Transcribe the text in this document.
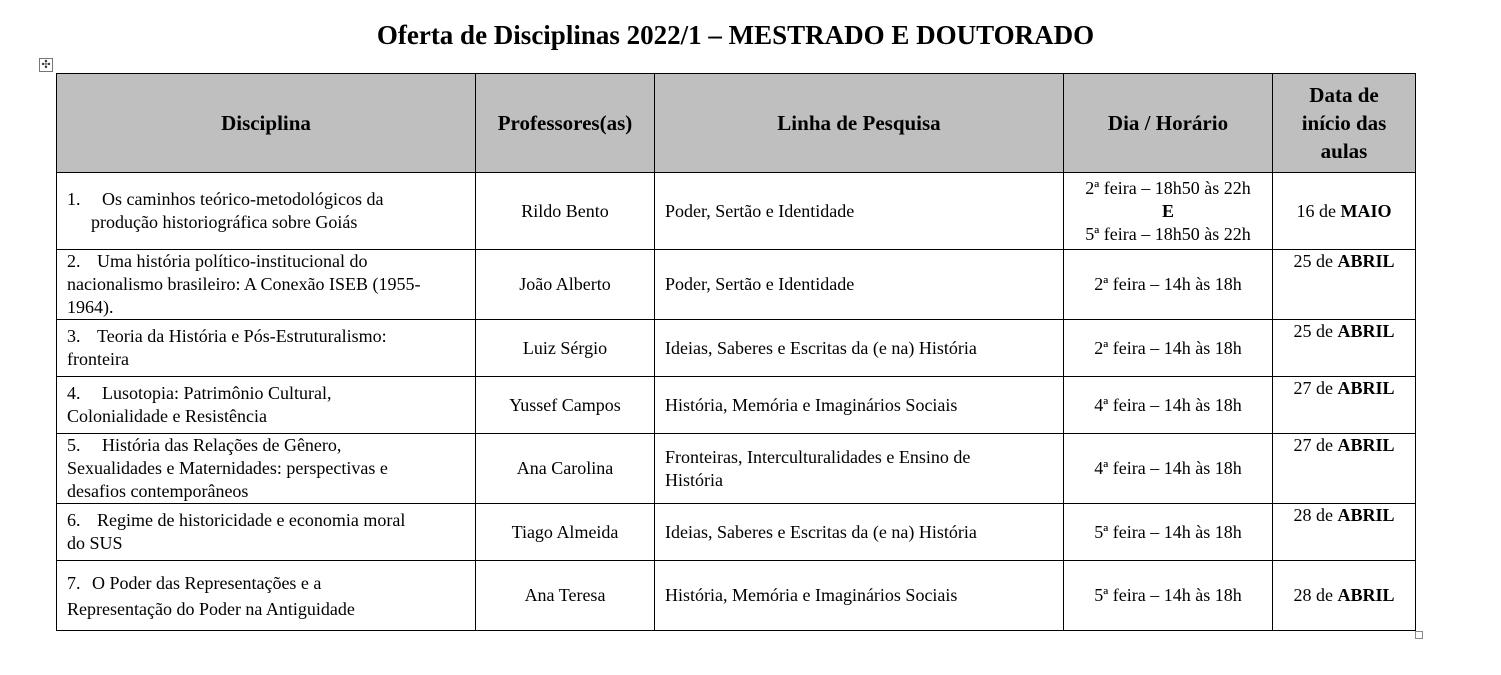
Oferta de Disciplinas 2022/1 – MESTRADO E DOUTORADO
✣
Disciplina	Professores(as)	Linha de Pesquisa	Dia / Horário	Data de
início das
aulas

1. Os caminhos teórico-metodológicos da
produção historiográfica sobre Goiás	Rildo Bento	Poder, Sertão e Identidade	2ª feira – 18h50 às 22h
E
5ª feira – 18h50 às 22h	16 de MAIO

2. Uma história político-institucional do
nacionalismo brasileiro: A Conexão ISEB (1955-
1964).	João Alberto	Poder, Sertão e Identidade	2ª feira – 14h às 18h	25 de ABRIL

3. Teoria da História e Pós-Estruturalismo:
fronteira	Luiz Sérgio	Ideias, Saberes e Escritas da (e na) História	2ª feira – 14h às 18h	25 de ABRIL

4. Lusotopia: Patrimônio Cultural,
Colonialidade e Resistência	Yussef Campos	História, Memória e Imaginários Sociais	4ª feira – 14h às 18h	27 de ABRIL

5. História das Relações de Gênero,
Sexualidades e Maternidades: perspectivas e
desafios contemporâneos	Ana Carolina	Fronteiras, Interculturalidades e Ensino de
História	4ª feira – 14h às 18h	27 de ABRIL

6. Regime de historicidade e economia moral
do SUS	Tiago Almeida	Ideias, Saberes e Escritas da (e na) História	5ª feira – 14h às 18h	28 de ABRIL

7. O Poder das Representações e a
Representação do Poder na Antiguidade	Ana Teresa	História, Memória e Imaginários Sociais	5ª feira – 14h às 18h	28 de ABRIL
